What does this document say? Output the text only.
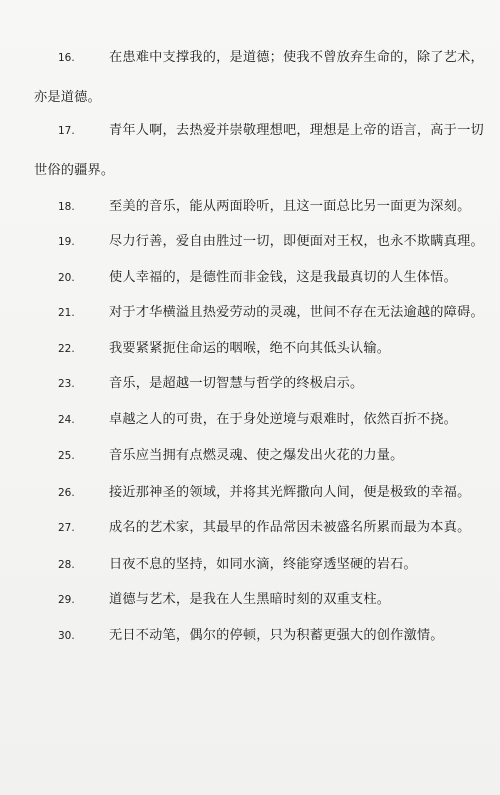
16.	在患难中支撑我的，是道德；使我不曾放弃生命的，除了艺术，
亦是道德。
17.	青年人啊，去热爱并崇敬理想吧，理想是上帝的语言，高于一切
世俗的疆界。
18.	至美的音乐，能从两面聆听，且这一面总比另一面更为深刻。
19.	尽力行善，爱自由胜过一切，即便面对王权，也永不欺瞒真理。
20.	使人幸福的，是德性而非金钱，这是我最真切的人生体悟。
21.	对于才华横溢且热爱劳动的灵魂，世间不存在无法逾越的障碍。
22.	我要紧紧扼住命运的咽喉，绝不向其低头认输。
23.	音乐，是超越一切智慧与哲学的终极启示。
24.	卓越之人的可贵，在于身处逆境与艰难时，依然百折不挠。
25.	音乐应当拥有点燃灵魂、使之爆发出火花的力量。
26.	接近那神圣的领域，并将其光辉撒向人间，便是极致的幸福。
27.	成名的艺术家，其最早的作品常因未被盛名所累而最为本真。
28.	日夜不息的坚持，如同水滴，终能穿透坚硬的岩石。
29.	道德与艺术，是我在人生黑暗时刻的双重支柱。
30.	无日不动笔，偶尔的停顿，只为积蓄更强大的创作激情。
